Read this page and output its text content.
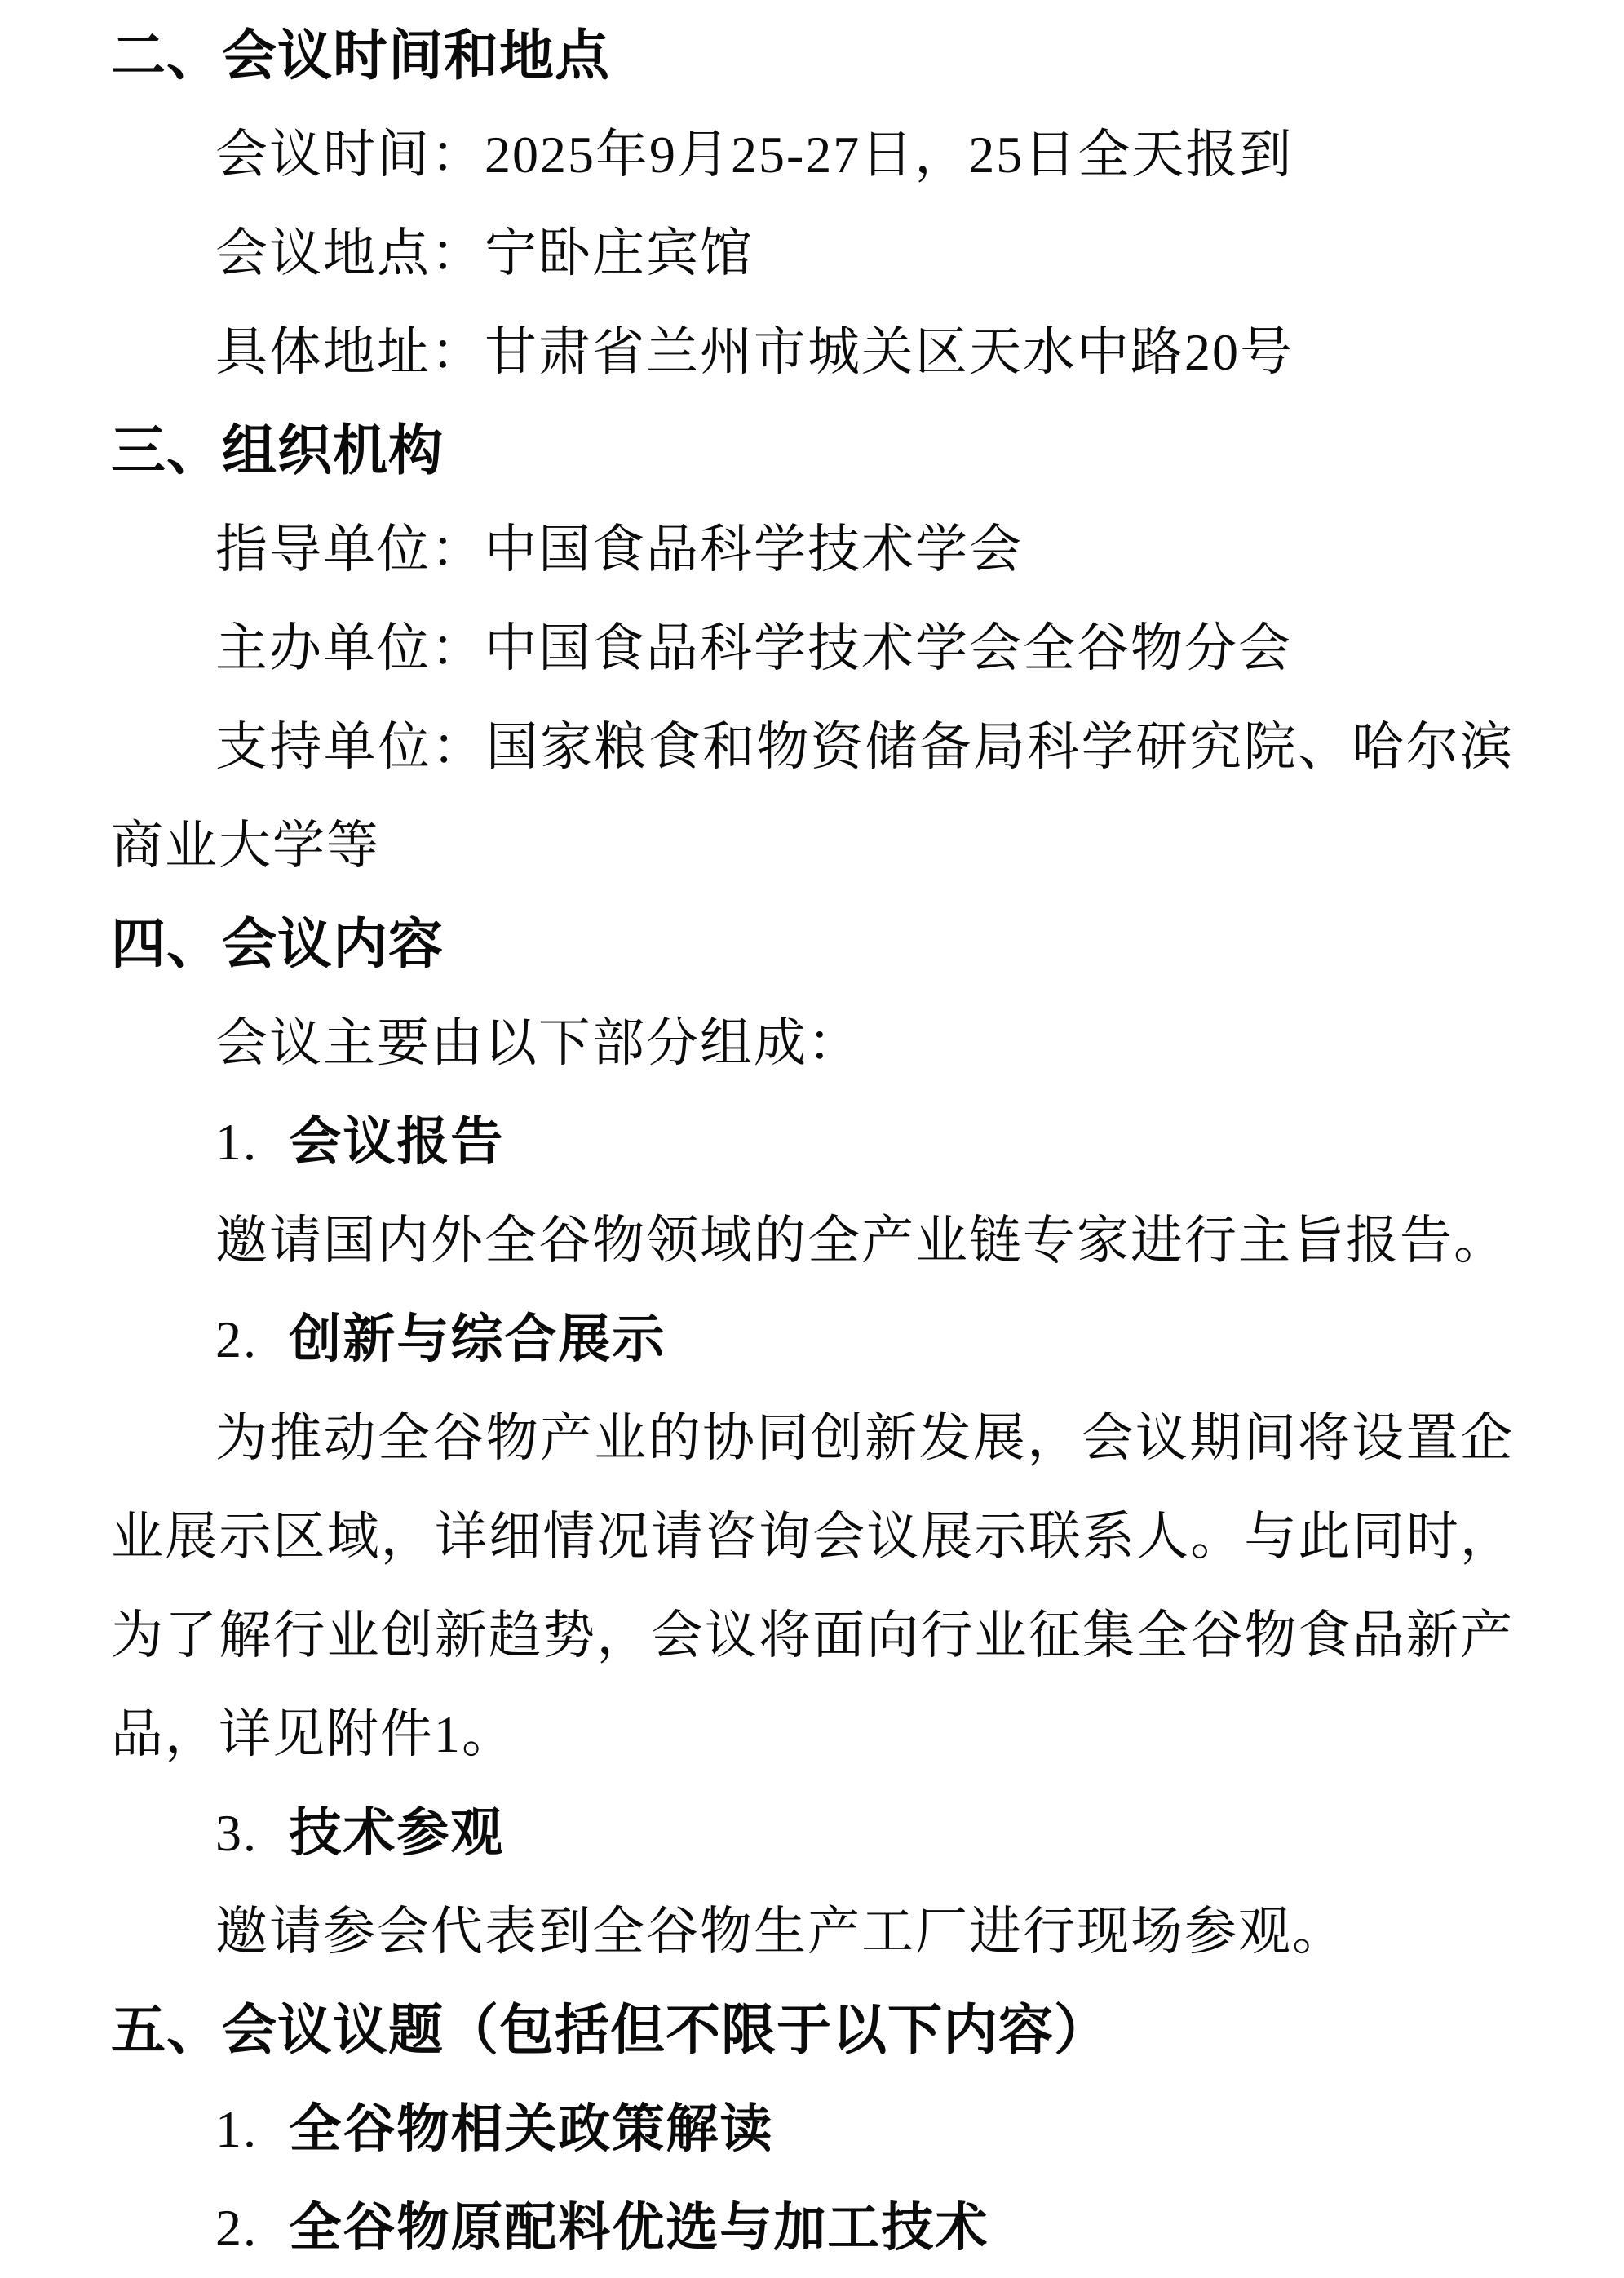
二、会议时间和地点

会议时间：2025年9月25-27日，25日全天报到

会议地点：宁卧庄宾馆

具体地址：甘肃省兰州市城关区天水中路20号

三、组织机构

指导单位：中国食品科学技术学会

主办单位：中国食品科学技术学会全谷物分会

支持单位：国家粮食和物资储备局科学研究院、哈尔滨商业大学等

四、会议内容

会议主要由以下部分组成：

1. 会议报告

邀请国内外全谷物领域的全产业链专家进行主旨报告。

2. 创新与综合展示

为推动全谷物产业的协同创新发展，会议期间将设置企业展示区域，详细情况请咨询会议展示联系人。与此同时，为了解行业创新趋势，会议将面向行业征集全谷物食品新产品，详见附件1。

3. 技术参观

邀请参会代表到全谷物生产工厂进行现场参观。

五、会议议题（包括但不限于以下内容）

1. 全谷物相关政策解读

2. 全谷物原配料优选与加工技术
